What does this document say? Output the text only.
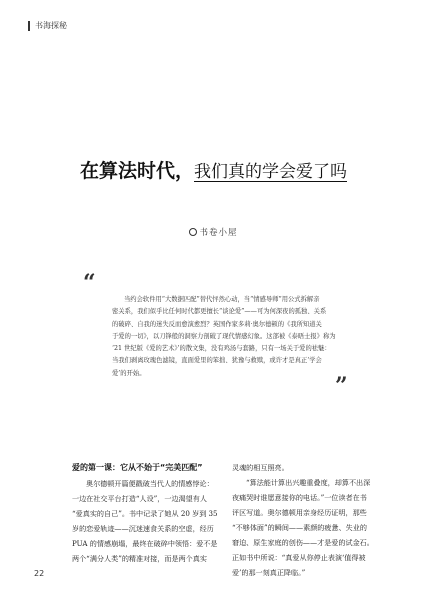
书海探秘
在算法时代，我们真的学会爱了吗
书卷小屋
“
当约会软件用“大数据匹配”替代怦然心动，当“情感导师”用公式拆解亲
密关系，我们似乎比任何时代都更擅长“谈论爱”——可为何深夜的孤独、关系
的破碎、自我的迷失反而愈演愈烈？英国作家多莉·奥尔德顿的《我所知道关
于爱的一切》，以刀锋般的洞察力剖破了现代情感幻象。这部被《泰晤士报》称为
‘21 世纪版《爱的艺术》’的散文集，没有鸡汤与套路，只有一场关于爱的祛魅：
当我们剥离玫瑰色滤镜，直面爱里的笨拙、犹豫与救赎，或许才是真正‘学会
爱’的开始。	”
爱的第一课：它从不始于“完美匹配”
奥尔德顿开篇便戳破当代人的情感悖论：
一边在社交平台打造“人设”，一边渴望有人
“爱真实的自己”。书中记录了她从 20 岁到 35
岁的恋爱轨迹——沉迷速食关系的空虚，经历
PUA 的情感崩塌，最终在破碎中领悟：爱不是
两个“满分人类”的精准对接，而是两个真实
灵魂的相互照亮。
“算法能计算出兴趣重叠度，却算不出深
夜痛哭时谁愿意接你的电话。”一位读者在书
评区写道。奥尔德顿用亲身经历证明，那些
“不够体面”的瞬间——素颜的疲惫、失业的
窘迫、原生家庭的创伤——才是爱的试金石。
正如书中所说：“真爱从你停止表演‘值得被
爱’的那一刻真正降临。”
22
